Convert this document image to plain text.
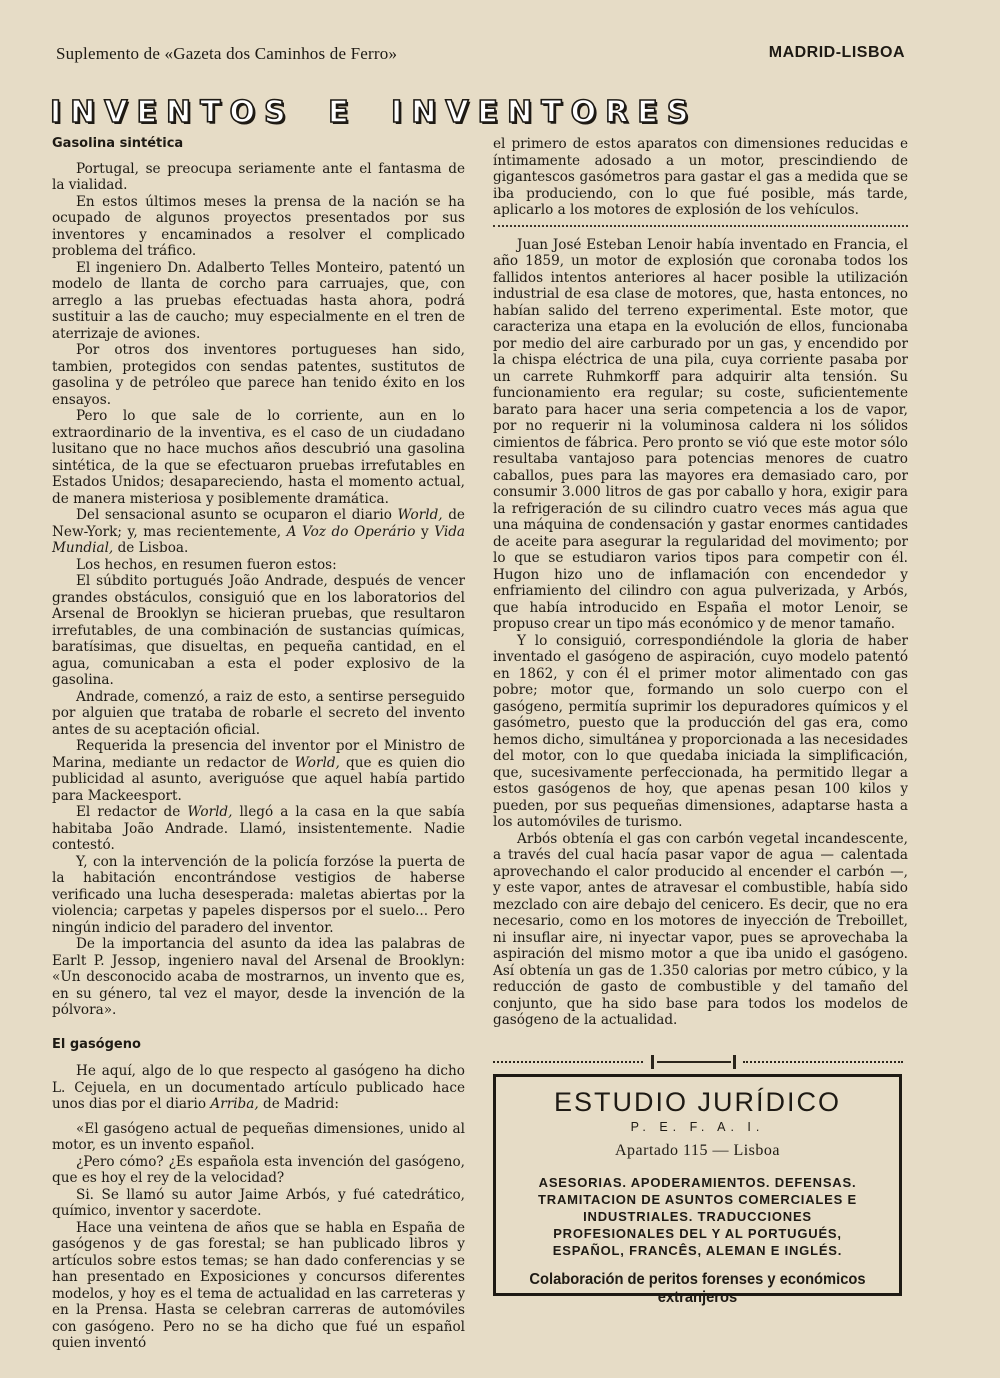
Suplemento de «Gazeta dos Caminhos de Ferro»	MADRID-LISBOA
INVENTOS E INVENTORES
Gasolina sintética

Portugal, se preocupa seriamente ante el fantasma de la vialidad.

En estos últimos meses la prensa de la nación se ha ocupado de algunos proyectos presentados por sus inventores y encaminados a resolver el complicado problema del tráfico.

El ingeniero Dn. Adalberto Telles Monteiro, patentó un modelo de llanta de corcho para carruajes, que, con arreglo a las pruebas efectuadas hasta ahora, podrá sustituir a las de caucho; muy especialmente en el tren de aterrizaje de aviones.

Por otros dos inventores portugueses han sido, tambien, protegidos con sendas patentes, sustitutos de gasolina y de petróleo que parece han tenido éxito en los ensayos.

Pero lo que sale de lo corriente, aun en lo extraordinario de la inventiva, es el caso de un ciudadano lusitano que no hace muchos años descubrió una gasolina sintética, de la que se efectuaron pruebas irrefutables en Estados Unidos; desapareciendo, hasta el momento actual, de manera misteriosa y posiblemente dramática.

Del sensacional asunto se ocuparon el diario World, de New-York; y, mas recientemente, A Voz do Operário y Vida Mundial, de Lisboa.

Los hechos, en resumen fueron estos:

El súbdito portugués João Andrade, después de vencer grandes obstáculos, consiguió que en los laboratorios del Arsenal de Brooklyn se hicieran pruebas, que resultaron irrefutables, de una combinación de sustancias químicas, baratísimas, que disueltas, en pequeña cantidad, en el agua, comunicaban a esta el poder explosivo de la gasolina.

Andrade, comenzó, a raiz de esto, a sentirse perseguido por alguien que trataba de robarle el secreto del invento antes de su aceptación oficial.

Requerida la presencia del inventor por el Ministro de Marina, mediante un redactor de World, que es quien dio publicidad al asunto, averiguóse que aquel había partido para Mackeesport.

El redactor de World, llegó a la casa en la que sabía habitaba João Andrade. Llamó, insistentemente. Nadie contestó.

Y, con la intervención de la policía forzóse la puerta de la habitación encontrándose vestigios de haberse verificado una lucha desesperada: maletas abiertas por la violencia; carpetas y papeles dispersos por el suelo... Pero ningún indicio del paradero del inventor.

De la importancia del asunto da idea las palabras de Earlt P. Jessop, ingeniero naval del Arsenal de Brooklyn: «Un desconocido acaba de mostrarnos, un invento que es, en su género, tal vez el mayor, desde la invención de la pólvora».

El gasógeno

He aquí, algo de lo que respecto al gasógeno ha dicho L. Cejuela, en un documentado artículo publicado hace unos dias por el diario Arriba, de Madrid:

«El gasógeno actual de pequeñas dimensiones, unido al motor, es un invento español.

¿Pero cómo? ¿Es española esta invención del gasógeno, que es hoy el rey de la velocidad?

Si. Se llamó su autor Jaime Arbós, y fué catedrático, químico, inventor y sacerdote.

Hace una veintena de años que se habla en España de gasógenos y de gas forestal; se han publicado libros y artículos sobre estos temas; se han dado conferencias y se han presentado en Exposiciones y concursos diferentes modelos, y hoy es el tema de actualidad en las carreteras y en la Prensa. Hasta se celebran carreras de automóviles con gasógeno. Pero no se ha dicho que fué un español quien inventó

el primero de estos aparatos con dimensiones reducidas e íntimamente adosado a un motor, prescindiendo de gigantescos gasómetros para gastar el gas a medida que se iba produciendo, con lo que fué posible, más tarde, aplicarlo a los motores de explosión de los vehículos.

Juan José Esteban Lenoir había inventado en Francia, el año 1859, un motor de explosión que coronaba todos los fallidos intentos anteriores al hacer posible la utilización industrial de esa clase de motores, que, hasta entonces, no habían salido del terreno experimental. Este motor, que caracteriza una etapa en la evolución de ellos, funcionaba por medio del aire carburado por un gas, y encendido por la chispa eléctrica de una pila, cuya corriente pasaba por un carrete Ruhmkorff para adquirir alta tensión. Su funcionamiento era regular; su coste, suficientemente barato para hacer una seria competencia a los de vapor, por no requerir ni la voluminosa caldera ni los sólidos cimientos de fábrica. Pero pronto se vió que este motor sólo resultaba vantajoso para potencias menores de cuatro caballos, pues para las mayores era demasiado caro, por consumir 3.000 litros de gas por caballo y hora, exigir para la refrigeración de su cilindro cuatro veces más agua que una máquina de condensación y gastar enormes cantidades de aceite para asegurar la regularidad del movimento; por lo que se estudiaron varios tipos para competir con él. Hugon hizo uno de inflamación con encendedor y enfriamiento del cilindro con agua pulverizada, y Arbós, que había introducido en España el motor Lenoir, se propuso crear un tipo más económico y de menor tamaño.

Y lo consiguió, correspondiéndole la gloria de haber inventado el gasógeno de aspiración, cuyo modelo patentó en 1862, y con él el primer motor alimentado con gas pobre; motor que, formando un solo cuerpo con el gasógeno, permitía suprimir los depuradores químicos y el gasómetro, puesto que la producción del gas era, como hemos dicho, simultánea y proporcionada a las necesidades del motor, con lo que quedaba iniciada la simplificación, que, sucesivamente perfeccionada, ha permitido llegar a estos gasógenos de hoy, que apenas pesan 100 kilos y pueden, por sus pequeñas dimensiones, adaptarse hasta a los automóviles de turismo.

Arbós obtenía el gas con carbón vegetal incandescente, a través del cual hacía pasar vapor de agua — calentada aprovechando el calor producido al encender el carbón —, y este vapor, antes de atravesar el combustible, había sido mezclado con aire debajo del cenicero. Es decir, que no era necesario, como en los motores de inyección de Treboillet, ni insuflar aire, ni inyectar vapor, pues se aprovechaba la aspiración del mismo motor a que iba unido el gasógeno. Así obtenía un gas de 1.350 calorias por metro cúbico, y la reducción de gasto de combustible y del tamaño del conjunto, que ha sido base para todos los modelos de gasógeno de la actualidad.

ESTUDIO JURÍDICO
P. E. F. A. I.
Apartado 115 — Lisboa
ASESORIAS. APODERAMIENTOS. DEFENSAS. TRAMITACION DE ASUNTOS COMERCIALES E INDUSTRIALES. TRADUCCIONES PROFESIONALES DEL Y AL PORTUGUÉS, ESPAÑOL, FRANCÊS, ALEMAN E INGLÉS.
Colaboración de peritos forenses y económicos extranjeros
